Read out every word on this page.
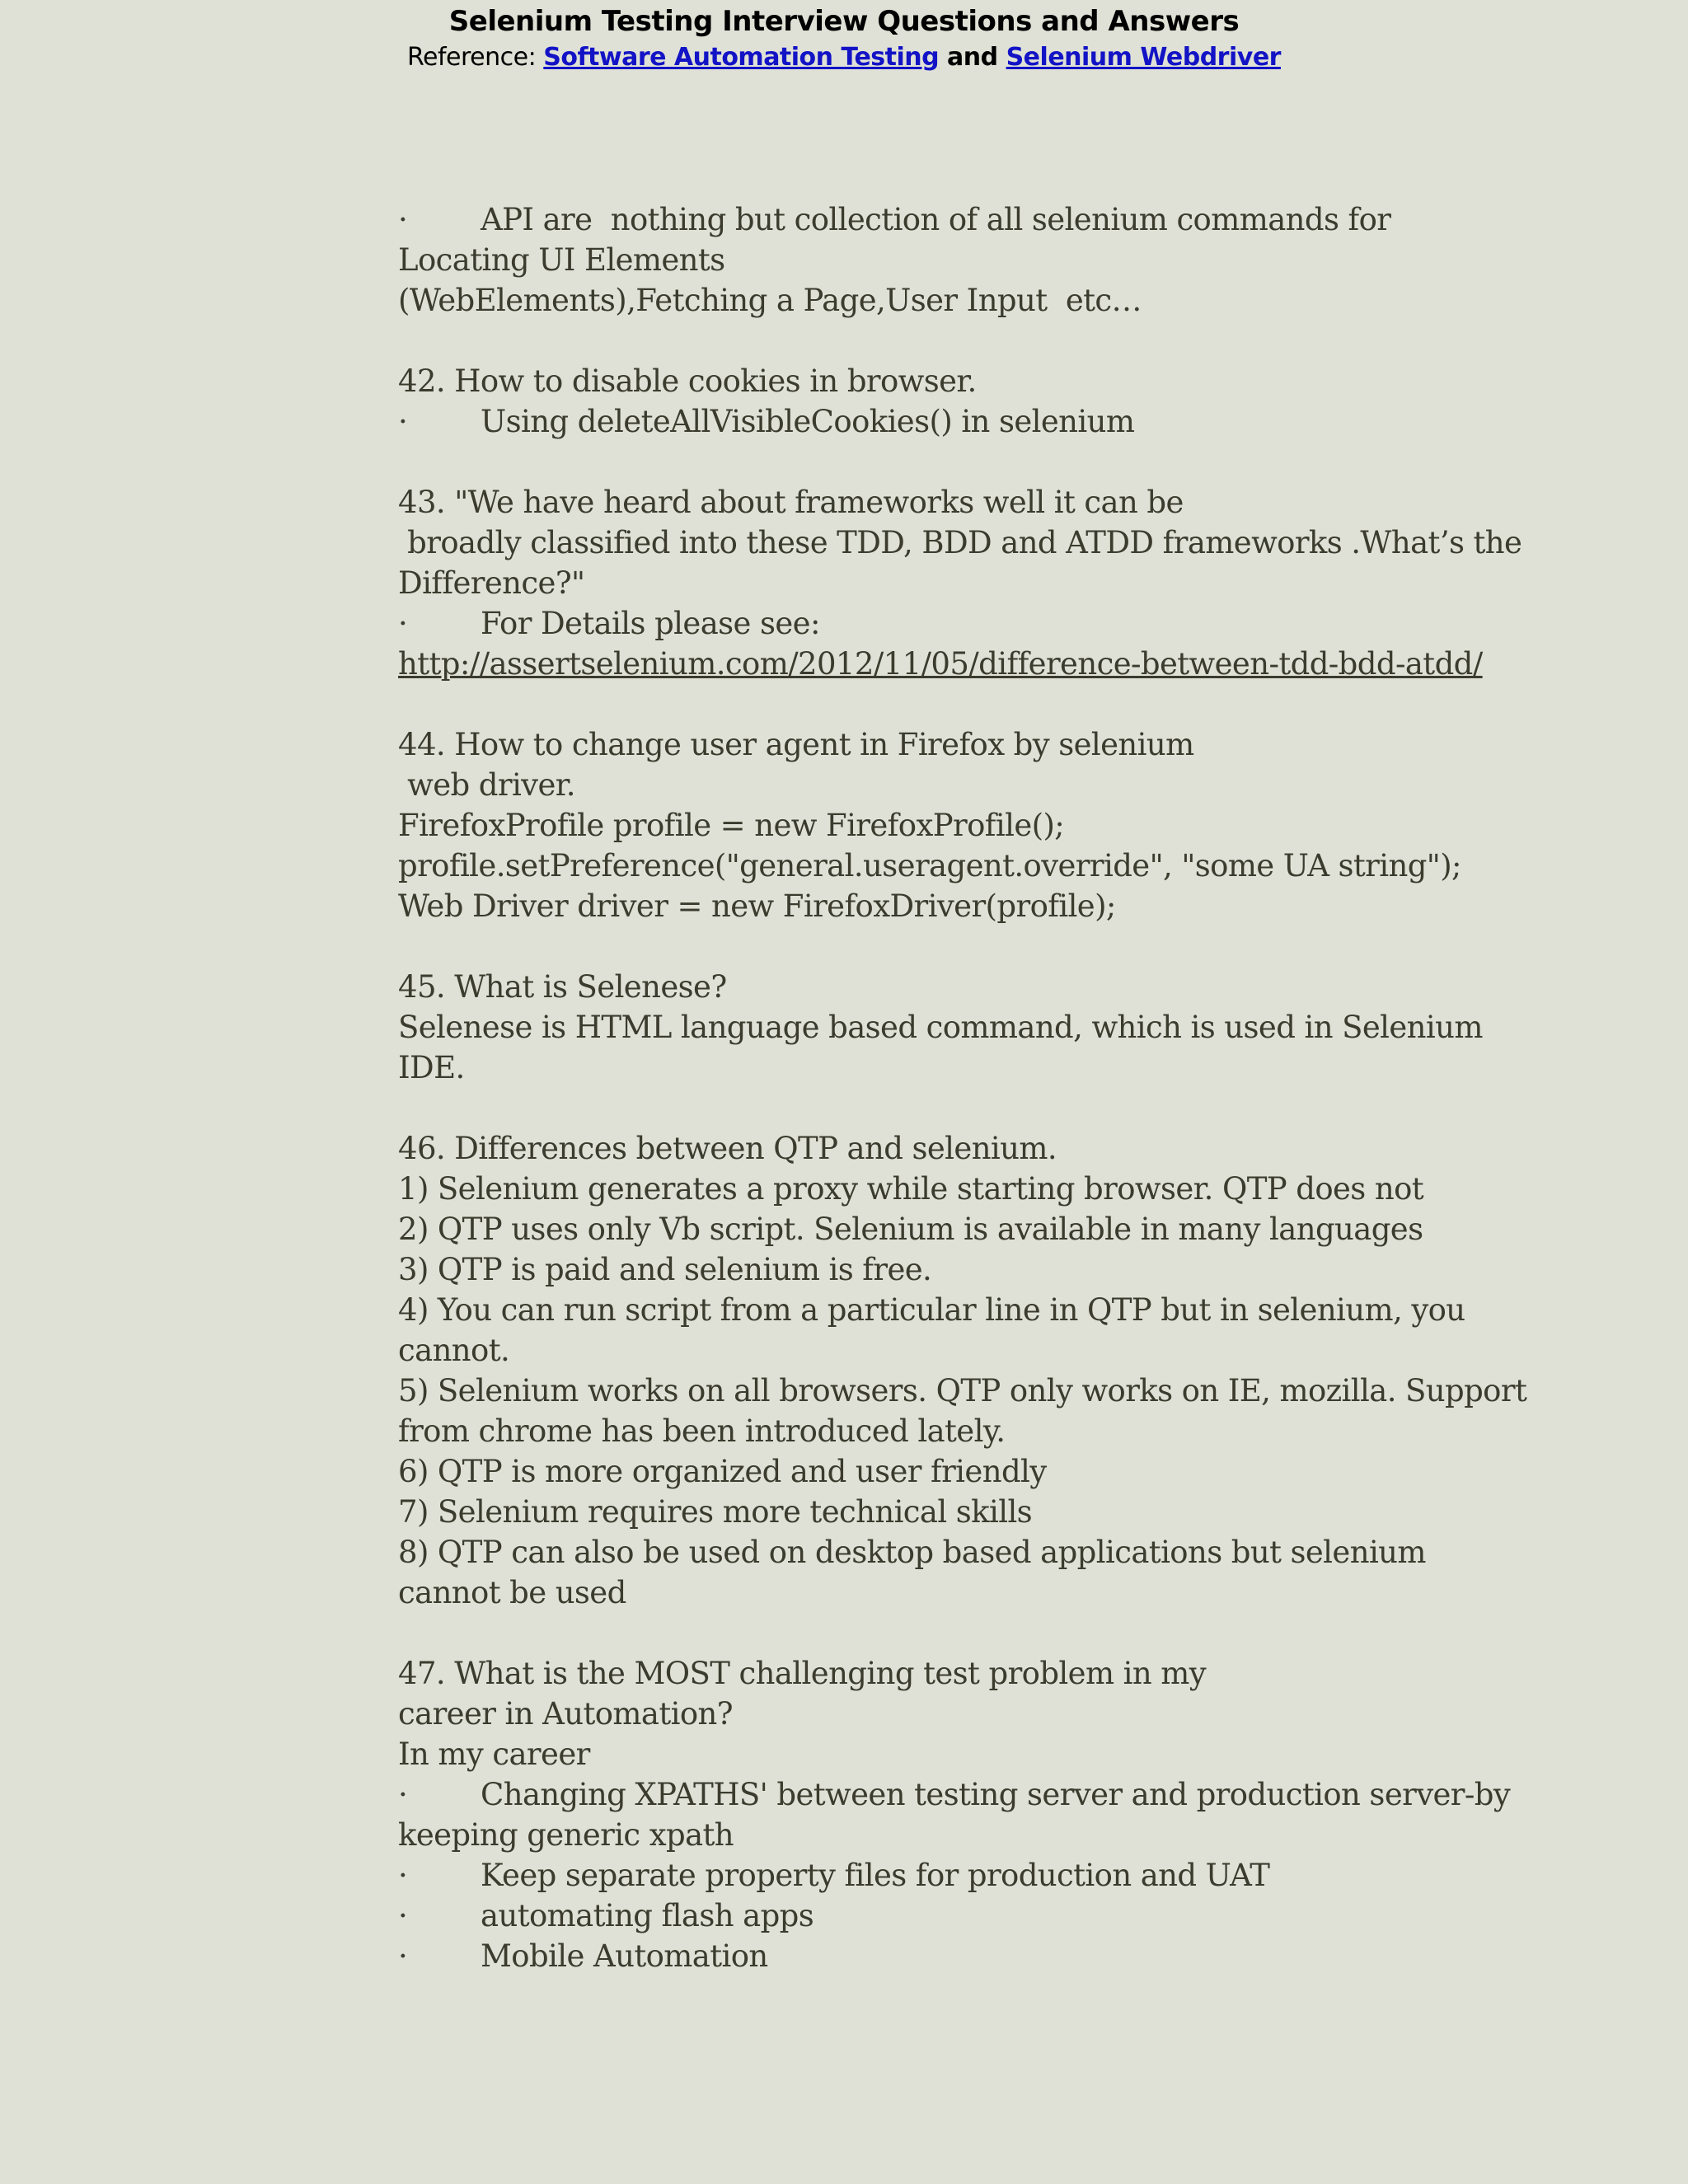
Selenium Testing Interview Questions and Answers
Reference: Software Automation Testing and Selenium Webdriver
· API are  nothing but collection of all selenium commands for
Locating UI Elements
(WebElements),Fetching a Page,User Input  etc…
42. How to disable cookies in browser.
· Using deleteAllVisibleCookies() in selenium
43. "We have heard about frameworks well it can be
broadly classified into these TDD, BDD and ATDD frameworks .What’s the
Difference?"
· For Details please see:
http://assertselenium.com/2012/11/05/difference-between-tdd-bdd-atdd/
44. How to change user agent in Firefox by selenium
web driver.
FirefoxProfile profile = new FirefoxProfile();
profile.setPreference("general.useragent.override", "some UA string");
Web Driver driver = new FirefoxDriver(profile);
45. What is Selenese?
Selenese is HTML language based command, which is used in Selenium
IDE.
46. Differences between QTP and selenium.
1) Selenium generates a proxy while starting browser. QTP does not
2) QTP uses only Vb script. Selenium is available in many languages
3) QTP is paid and selenium is free.
4) You can run script from a particular line in QTP but in selenium, you
cannot.
5) Selenium works on all browsers. QTP only works on IE, mozilla. Support
from chrome has been introduced lately.
6) QTP is more organized and user friendly
7) Selenium requires more technical skills
8) QTP can also be used on desktop based applications but selenium
cannot be used
47. What is the MOST challenging test problem in my
career in Automation?
In my career
· Changing XPATHS' between testing server and production server-by
keeping generic xpath
· Keep separate property files for production and UAT
· automating flash apps
· Mobile Automation
